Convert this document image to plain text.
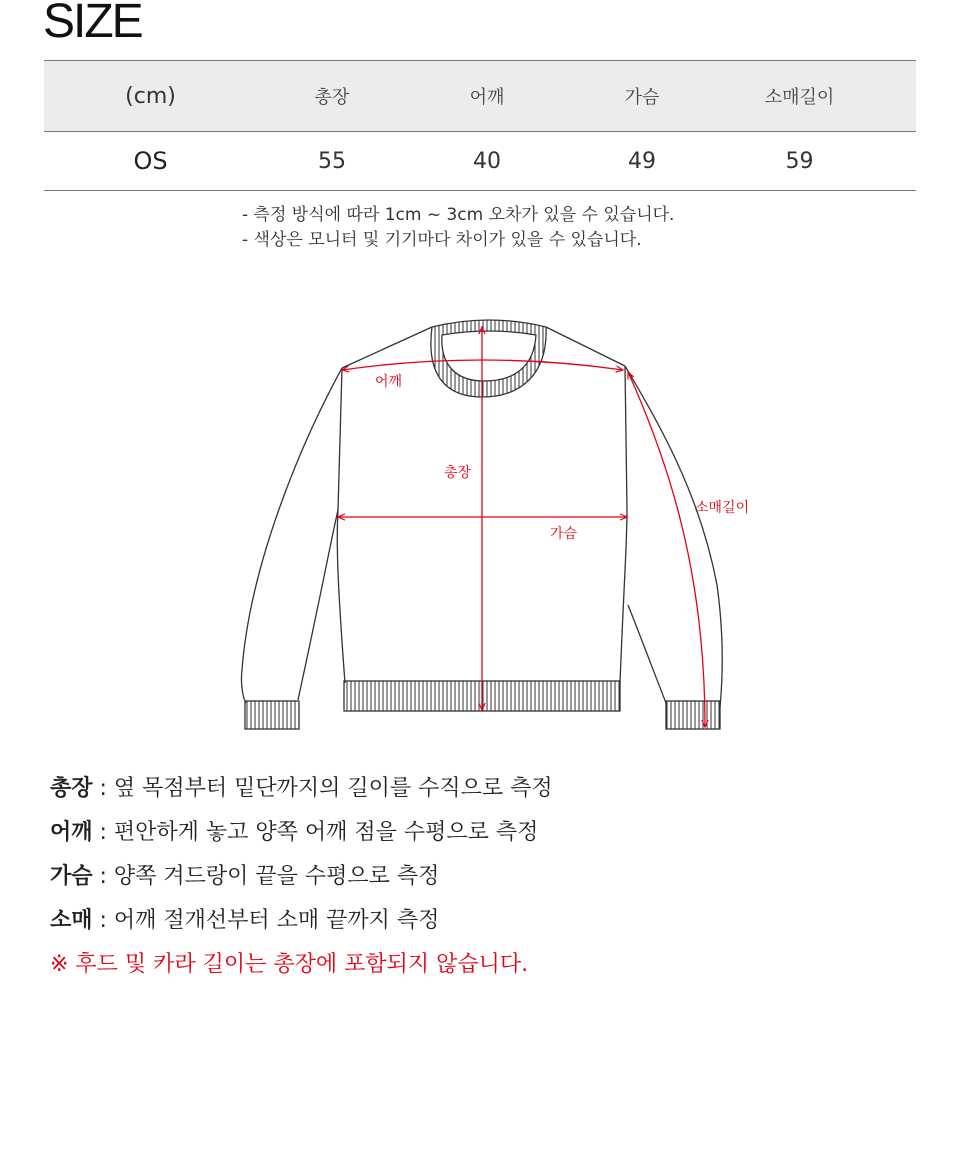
SIZE
(cm)	총장	어깨	가슴	소매길이
OS	55	40	49	59
- 측정 방식에 따라 1cm ~ 3cm 오차가 있을 수 있습니다.
- 색상은 모니터 및 기기마다 차이가 있을 수 있습니다.
어깨
총장
가슴
소매길이
총장 : 옆 목점부터 밑단까지의 길이를 수직으로 측정
어깨 : 편안하게 놓고 양쪽 어깨 점을 수평으로 측정
가슴 : 양쪽 겨드랑이 끝을 수평으로 측정
소매 : 어깨 절개선부터 소매 끝까지 측정
※ 후드 및 카라 길이는 총장에 포함되지 않습니다.
